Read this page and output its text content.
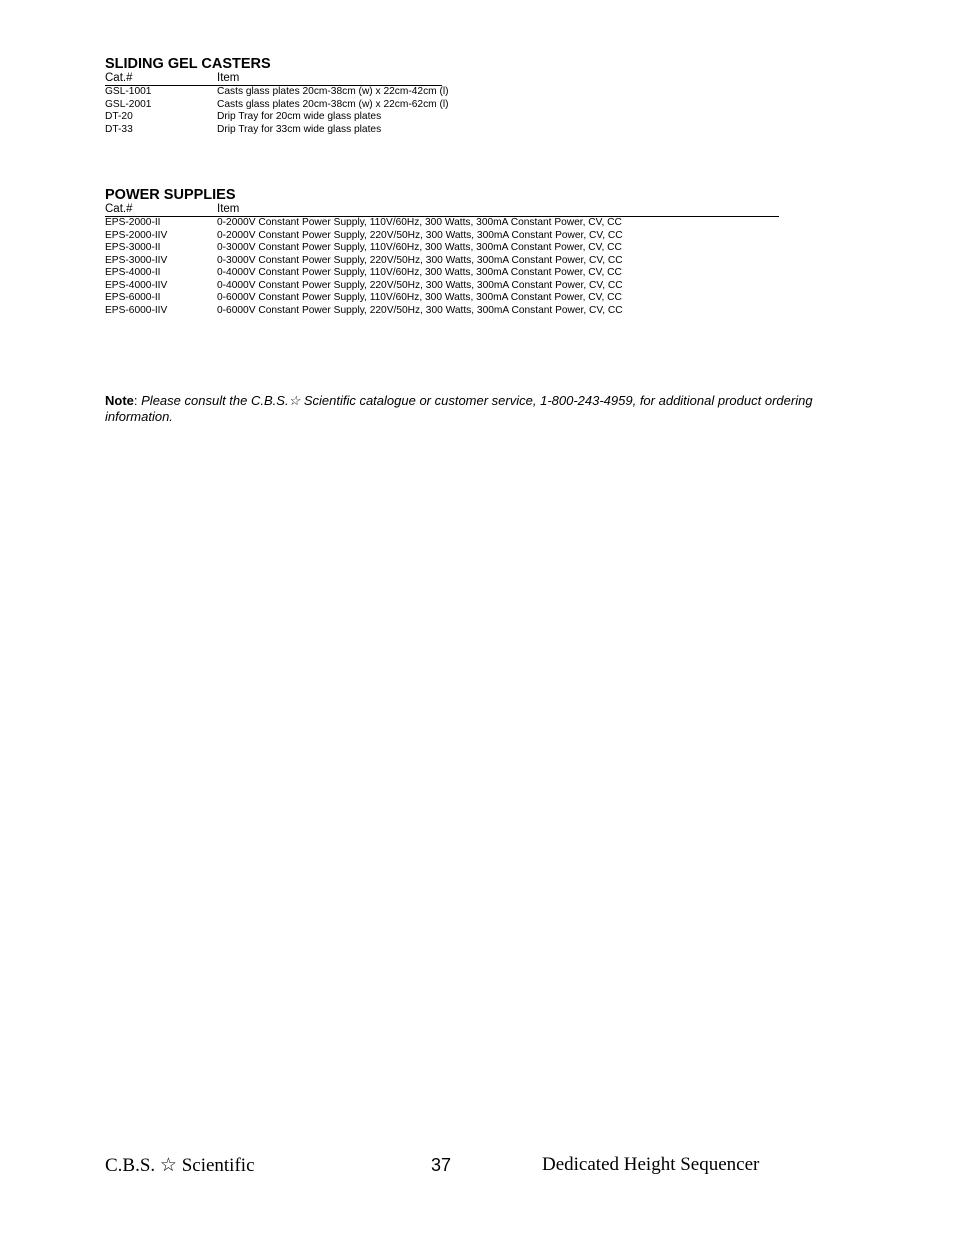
SLIDING GEL CASTERS
Cat.#	Item
GSL-1001	Casts glass plates 20cm-38cm (w) x 22cm-42cm (l)
GSL-2001	Casts glass plates 20cm-38cm (w) x 22cm-62cm (l)
DT-20	Drip Tray for 20cm wide glass plates
DT-33	Drip Tray for 33cm wide glass plates
POWER SUPPLIES
Cat.#	Item
EPS-2000-II	0-2000V Constant Power Supply, 110V/60Hz, 300 Watts, 300mA Constant Power, CV, CC
EPS-2000-IIV	0-2000V Constant Power Supply, 220V/50Hz, 300 Watts, 300mA Constant Power, CV, CC
EPS-3000-II	0-3000V Constant Power Supply, 110V/60Hz, 300 Watts, 300mA Constant Power, CV, CC
EPS-3000-IIV	0-3000V Constant Power Supply, 220V/50Hz, 300 Watts, 300mA Constant Power, CV, CC
EPS-4000-II	0-4000V Constant Power Supply, 110V/60Hz, 300 Watts, 300mA Constant Power, CV, CC
EPS-4000-IIV	0-4000V Constant Power Supply, 220V/50Hz, 300 Watts, 300mA Constant Power, CV, CC
EPS-6000-II	0-6000V Constant Power Supply, 110V/60Hz, 300 Watts, 300mA Constant Power, CV, CC
EPS-6000-IIV	0-6000V Constant Power Supply, 220V/50Hz, 300 Watts, 300mA Constant Power, CV, CC
Note: Please consult the C.B.S.☆ Scientific catalogue or customer service, 1-800-243-4959, for additional product ordering information.
C.B.S. ☆ Scientific	37	Dedicated Height Sequencer
